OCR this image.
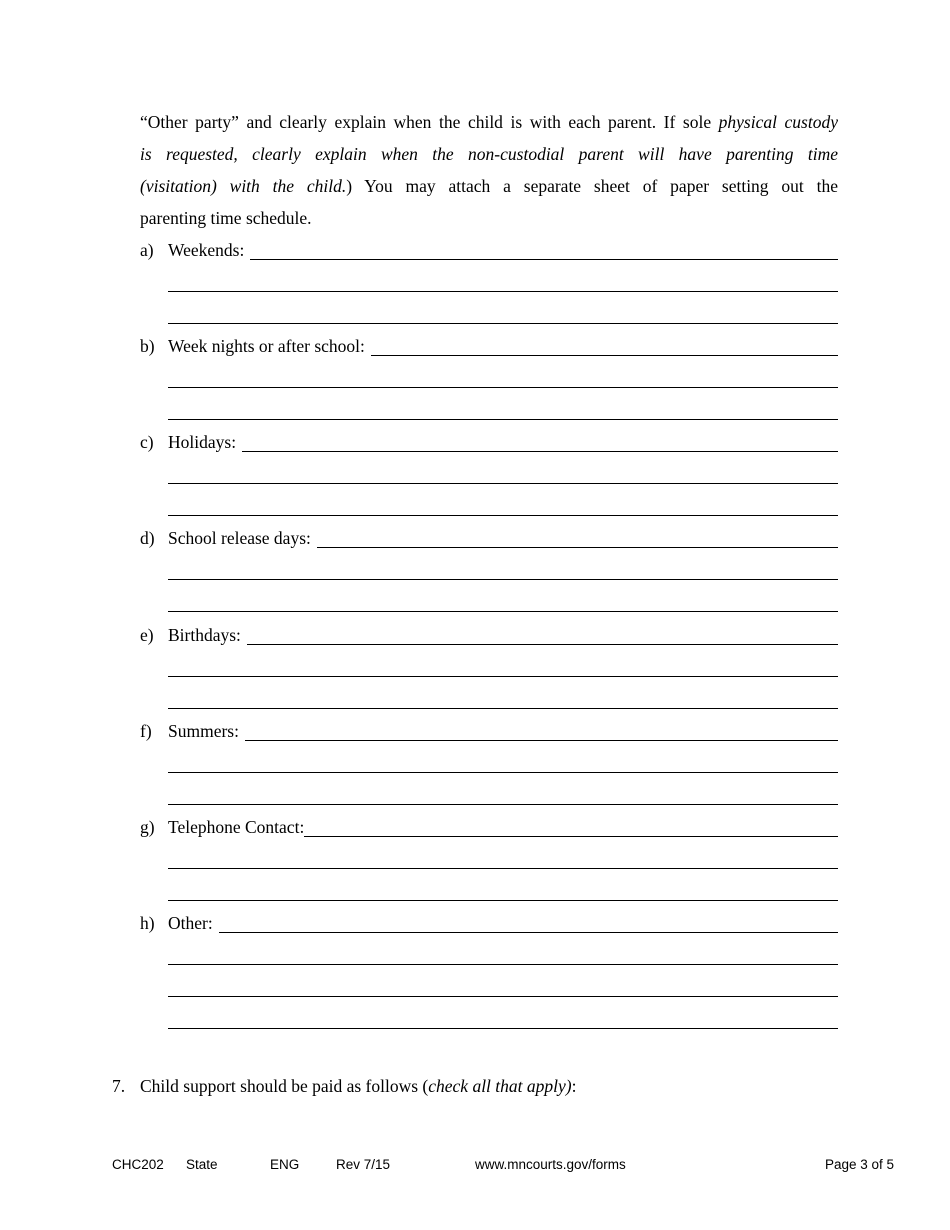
“Other party” and clearly explain when the child is with each parent. If sole physical custody
is requested, clearly explain when the non-custodial parent will have parenting time
(visitation) with the child.) You may attach a separate sheet of paper setting out the
parenting time schedule.
a) Weekends:
b) Week nights or after school:
c) Holidays:
d) School release days:
e) Birthdays:
f) Summers:
g) Telephone Contact:
h) Other:
7. Child support should be paid as follows (check all that apply):
CHC202 State	ENG	Rev 7/15	www.mncourts.gov/forms	Page 3 of 5
